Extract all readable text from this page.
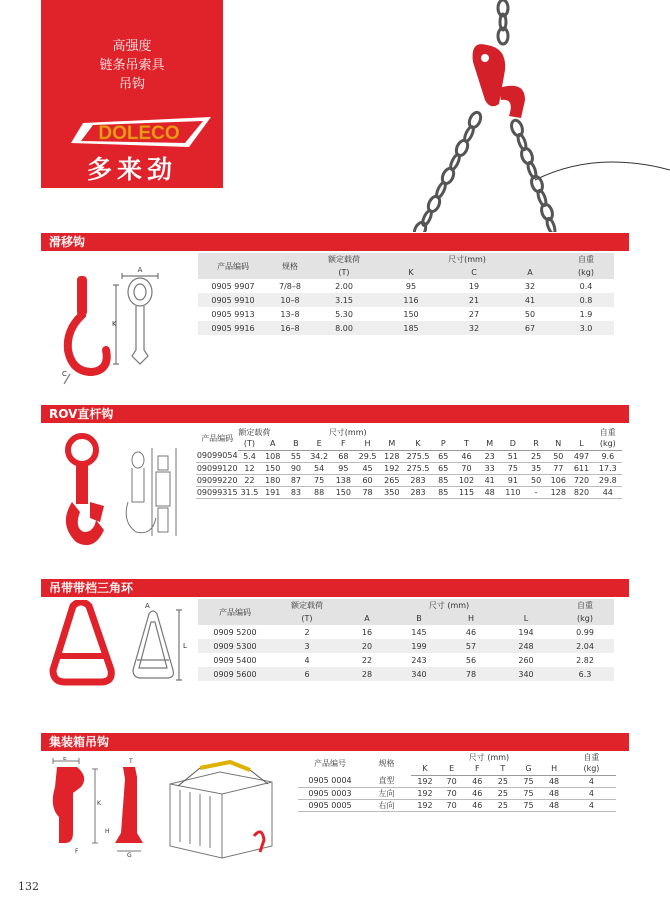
高强度
链条吊索具
吊钩
DOLECO
多来劲
滑移钩
A
K
C
产品编码	规格	额定载荷	尺寸(mm)			自重
		(T)	K	C	A	(kg)
0905 9907	7/8–8	2.00	95	19	32	0.4
0905 9910	10–8	3.15	116	21	41	0.8
0905 9913	13–8	5.30	150	27	50	1.9
0905 9916	16–8	8.00	185	32	67	3.0
ROV直杆钩
产品编码	额定载荷		尺寸(mm)													自重
	(T)	A	B	E	F	H	M	K	P	T	M	D	R	N	L	(kg)
09099054	5.4	108	55	34.2	68	29.5	128	275.5	65	46	23	51	25	50	497	9.6
09099120	12	150	90	54	95	45	192	275.5	65	70	33	75	35	77	611	17.3
09099220	22	180	87	75	138	60	265	283	85	102	41	91	50	106	720	29.8
09099315	31.5	191	83	88	150	78	350	283	85	115	48	110	-	128	820	44
吊带带档三角环
A
L
产品编码	额定载荷	尺寸 (mm)				自重
	(T)	A	B	H	L	(kg)
0909 5200	2	16	145	46	194	0.99
0909 5300	3	20	199	57	248	2.04
0909 5400	4	22	243	56	260	2.82
0909 5600	6	28	340	78	340	6.3
集装箱吊钩
E	T
K
H
F
G
产品编号	规格	尺寸 (mm)						自重
		K	E	F	T	G	H	(kg)
0905 0004	直型	192	70	46	25	75	48	4
0905 0003	左向	192	70	46	25	75	48	4
0905 0005	右向	192	70	46	25	75	48	4
132
